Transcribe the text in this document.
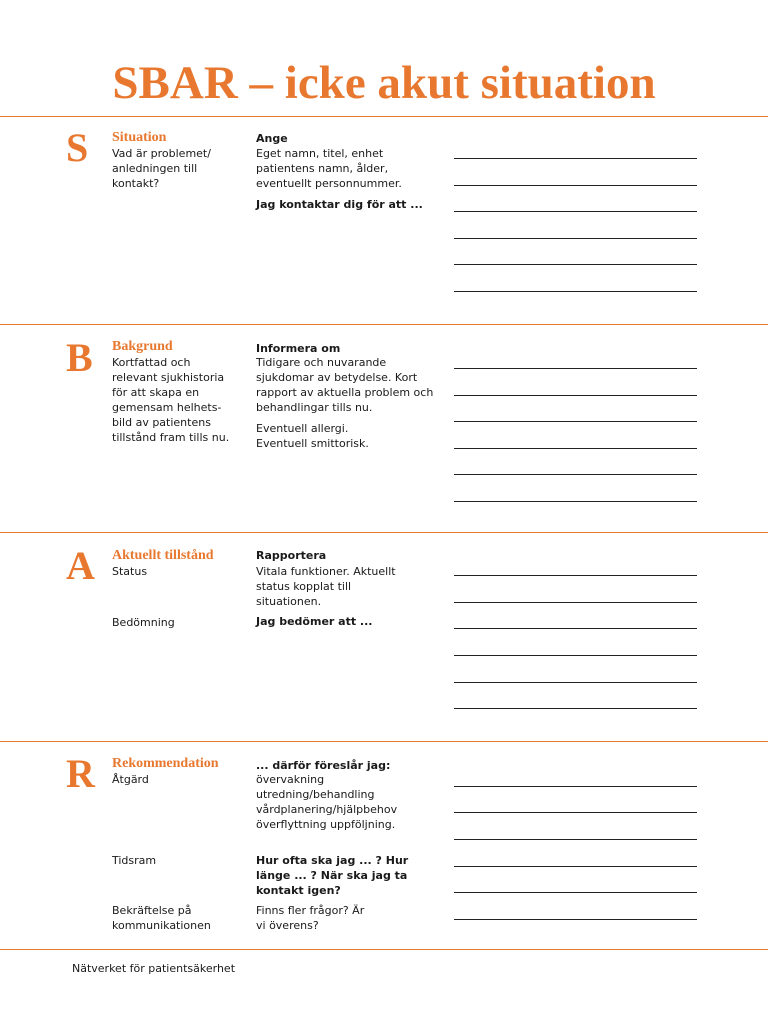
SBAR – icke akut situation
S Situation
Vad är problemet/ anledningen till kontakt?
Ange
Eget namn, titel, enhet patientens namn, ålder, eventuellt personnummer.
Jag kontaktar dig för att ...
B Bakgrund
Kortfattad och relevant sjukhistoria för att skapa en gemensam helhets-bild av patientens tillstånd fram tills nu.
Informera om
Tidigare och nuvarande sjukdomar av betydelse. Kort rapport av aktuella problem och behandlingar tills nu.
Eventuell allergi. Eventuell smittorisk.
A Aktuellt tillstånd
Status
Bedömning
Rapportera
Vitala funktioner. Aktuellt status kopplat till situationen.
Jag bedömer att ...
R Rekommendation
Åtgärd
Tidsram
Bekräftelse på kommunikationen
... därför föreslår jag:
övervakning utredning/behandling vårdplanering/hjälpbehov överflyttning uppföljning.
Hur ofta ska jag ... ? Hur länge ... ? När ska jag ta kontakt igen?
Finns fler frågor? Är vi överens?
Nätverket för patientsäkerhet
